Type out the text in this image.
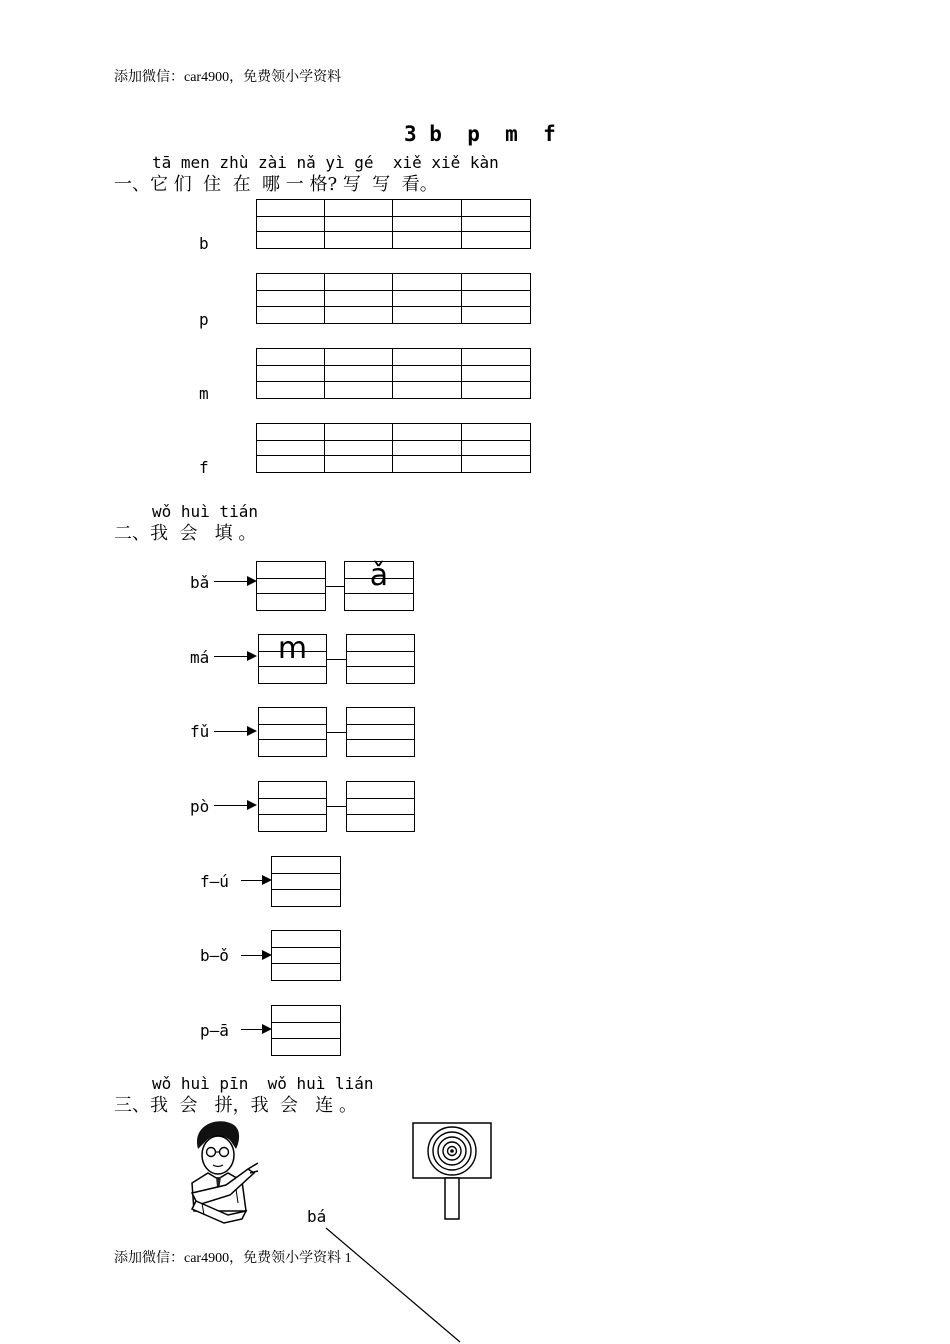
添加微信：car4900，免费领小学资料
3 b  p  m  f
tā men zhù zài nǎ yì gé  xiě xiě kàn
一、它 们  住  在  哪 一 格? 写  写  看。
b
p
m
f
wǒ huì tián
二、我  会   填 。
bǎ	ǎ
má	m
fǔ
pò
f—ú
b—ǒ
p—ā
wǒ huì pīn  wǒ huì lián
三、我  会   拼，我  会   连 。
bá
添加微信：car4900，免费领小学资料 1
